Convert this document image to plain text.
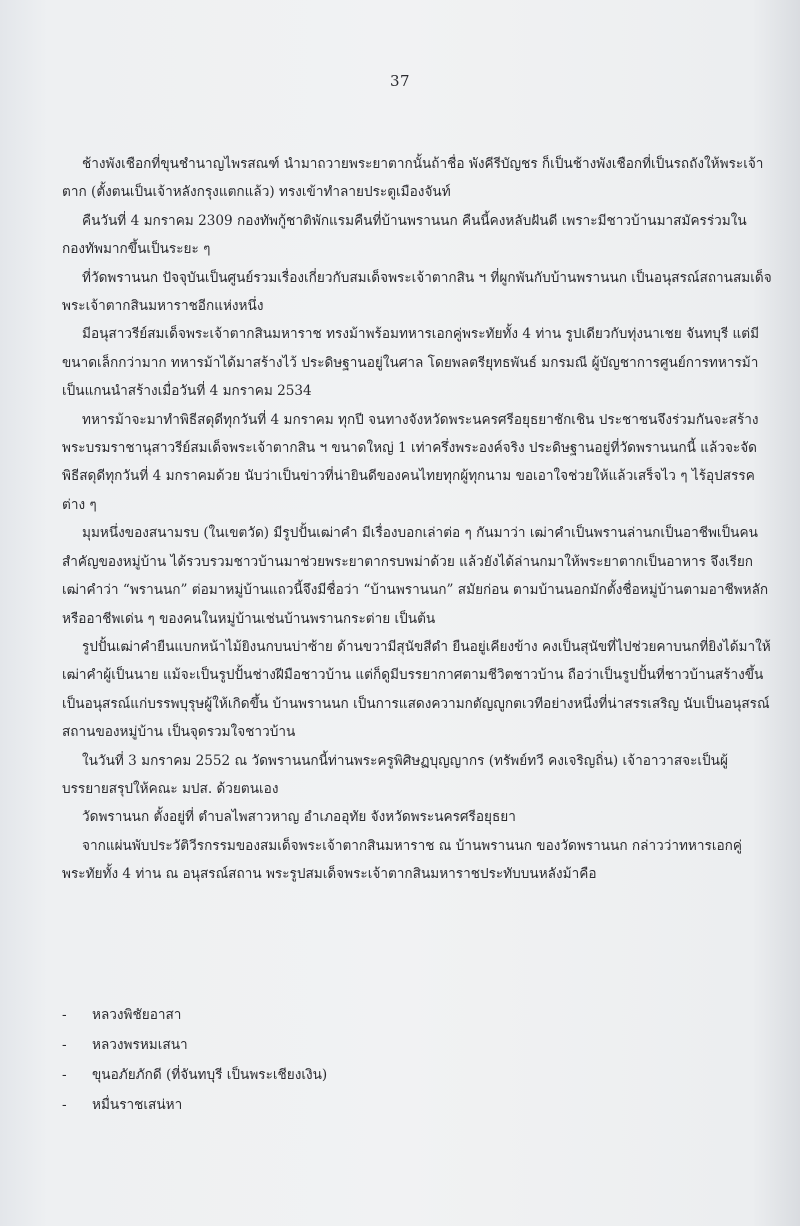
37

ช้างพังเชือกที่ขุนชำนาญไพรสณฑ์ นำมาถวายพระยาตากนั้นถ้าชื่อ พังคีรีบัญชร ก็เป็นช้างพังเชือกที่เป็นรถถังให้พระเจ้าตาก (ตั้งตนเป็นเจ้าหลังกรุงแตกแล้ว) ทรงเข้าทำลายประตูเมืองจันท์

คืนวันที่ 4 มกราคม 2309 กองทัพกู้ชาติพักแรมคืนที่บ้านพรานนก คืนนี้คงหลับฝันดี เพราะมีชาวบ้านมาสมัครร่วมในกองทัพมากขึ้นเป็นระยะ ๆ

ที่วัดพรานนก ปัจจุบันเป็นศูนย์รวมเรื่องเกี่ยวกับสมเด็จพระเจ้าตากสิน ฯ ที่ผูกพันกับบ้านพรานนก เป็นอนุสรณ์สถานสมเด็จพระเจ้าตากสินมหาราชอีกแห่งหนึ่ง

มีอนุสาวรีย์สมเด็จพระเจ้าตากสินมหาราช ทรงม้าพร้อมทหารเอกคู่พระทัยทั้ง 4 ท่าน รูปเดียวกับทุ่งนาเชย จันทบุรี แต่มีขนาดเล็กกว่ามาก ทหารม้าได้มาสร้างไว้ ประดิษฐานอยู่ในศาล โดยพลตรียุทธพันธ์ มกรมณี ผู้บัญชาการศูนย์การทหารม้า เป็นแกนนำสร้างเมื่อวันที่ 4 มกราคม 2534

ทหารม้าจะมาทำพิธีสดุดีทุกวันที่ 4 มกราคม ทุกปี จนทางจังหวัดพระนครศรีอยุธยาชักเชิน ประชาชนจึงร่วมกันจะสร้างพระบรมราชานุสาวรีย์สมเด็จพระเจ้าตากสิน ฯ ขนาดใหญ่ 1 เท่าครึ่งพระองค์จริง ประดิษฐานอยู่ที่วัดพรานนกนี้ แล้วจะจัดพิธีสดุดีทุกวันที่ 4 มกราคมด้วย นับว่าเป็นข่าวที่น่ายินดีของคนไทยทุกผู้ทุกนาม ขอเอาใจช่วยให้แล้วเสร็จไว ๆ ไร้อุปสรรคต่าง ๆ

มุมหนึ่งของสนามรบ (ในเขตวัด) มีรูปปั้นเฒ่าคำ มีเรื่องบอกเล่าต่อ ๆ กันมาว่า เฒ่าคำเป็นพรานล่านกเป็นอาชีพเป็นคนสำคัญของหมู่บ้าน ได้รวบรวมชาวบ้านมาช่วยพระยาตากรบพม่าด้วย แล้วยังได้ล่านกมาให้พระยาตากเป็นอาหาร จึงเรียกเฒ่าคำว่า “พรานนก” ต่อมาหมู่บ้านแถวนี้จึงมีชื่อว่า “บ้านพรานนก” สมัยก่อน ตามบ้านนอกมักตั้งชื่อหมู่บ้านตามอาชีพหลัก หรืออาชีพเด่น ๆ ของคนในหมู่บ้านเช่นบ้านพรานกระต่าย เป็นต้น

รูปปั้นเฒ่าคำยืนแบกหน้าไม้ยิงนกบนบ่าซ้าย ด้านขวามีสุนัขสีดำ ยืนอยู่เคียงข้าง คงเป็นสุนัขที่ไปช่วยคาบนกที่ยิงได้มาให้เฒ่าคำผู้เป็นนาย แม้จะเป็นรูปปั้นช่างฝีมือชาวบ้าน แต่ก็ดูมีบรรยากาศตามชีวิตชาวบ้าน ถือว่าเป็นรูปปั้นที่ชาวบ้านสร้างขึ้นเป็นอนุสรณ์แก่บรรพบุรุษผู้ให้เกิดขึ้น บ้านพรานนก เป็นการแสดงความกตัญญูกตเวทีอย่างหนึ่งที่น่าสรรเสริญ นับเป็นอนุสรณ์สถานของหมู่บ้าน เป็นจุดรวมใจชาวบ้าน

ในวันที่ 3 มกราคม 2552 ณ วัดพรานนกนี้ท่านพระครูพิศิษฏบุญญากร (ทรัพย์ทวี คงเจริญถิ่น) เจ้าอาวาสจะเป็นผู้บรรยายสรุปให้คณะ มปส. ด้วยตนเอง

วัดพรานนก ตั้งอยู่ที่ ตำบลไพสาวหาญ อำเภออุทัย จังหวัดพระนครศรีอยุธยา

จากแผ่นพับประวัติวีรกรรมของสมเด็จพระเจ้าตากสินมหาราช ณ บ้านพรานนก ของวัดพรานนก กล่าวว่าทหารเอกคู่พระทัยทั้ง 4 ท่าน ณ อนุสรณ์สถาน พระรูปสมเด็จพระเจ้าตากสินมหาราชประทับบนหลังม้าคือ

-	หลวงพิชัยอาสา
-	หลวงพรหมเสนา
-	ขุนอภัยภักดี (ที่จันทบุรี เป็นพระเชียงเงิน)
-	หมื่นราชเสน่หา
